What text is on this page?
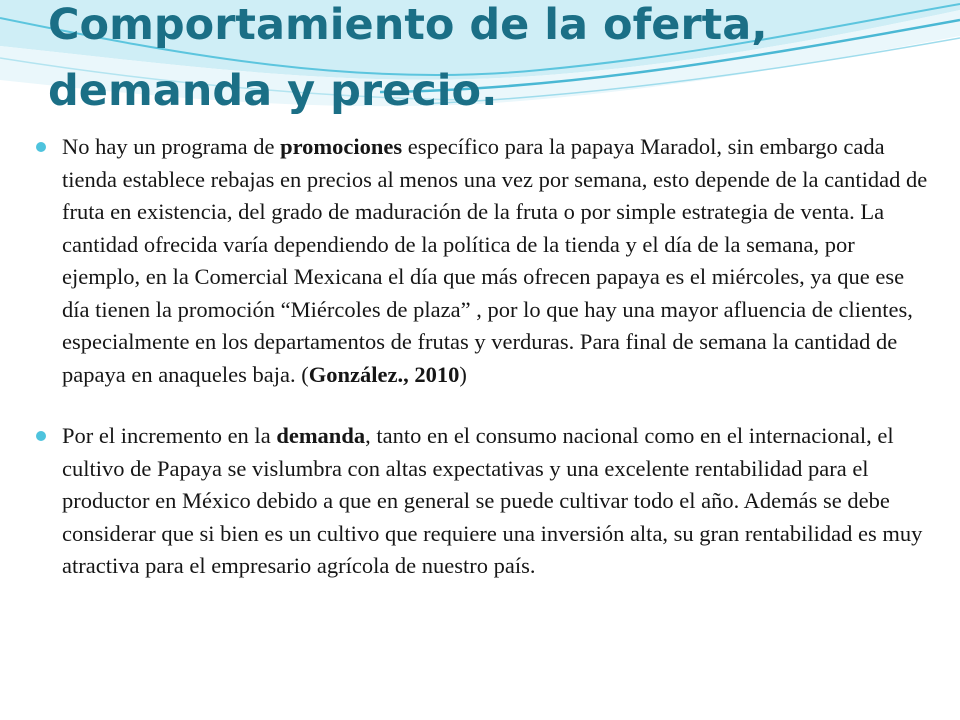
Comportamiento de la oferta, demanda y precio.

No hay un programa de promociones específico para la papaya Maradol, sin embargo cada tienda establece rebajas en precios al menos una vez por semana, esto depende de la cantidad de fruta en existencia, del grado de maduración de la fruta o por simple estrategia de venta. La cantidad ofrecida varía dependiendo de la política de la tienda y el día de la semana, por ejemplo, en la Comercial Mexicana el día que más ofrecen papaya es el miércoles, ya que ese día tienen la promoción “Miércoles de plaza” , por lo que hay una mayor afluencia de clientes, especialmente en los departamentos de frutas y verduras. Para final de semana la cantidad de papaya en anaqueles baja. (González., 2010)

Por el incremento en la demanda, tanto en el consumo nacional como en el internacional, el cultivo de Papaya se vislumbra con altas expectativas y una excelente rentabilidad para el productor en México debido a que en general se puede cultivar todo el año. Además se debe considerar que si bien es un cultivo que requiere una inversión alta, su gran rentabilidad es muy atractiva para el empresario agrícola de nuestro país.
